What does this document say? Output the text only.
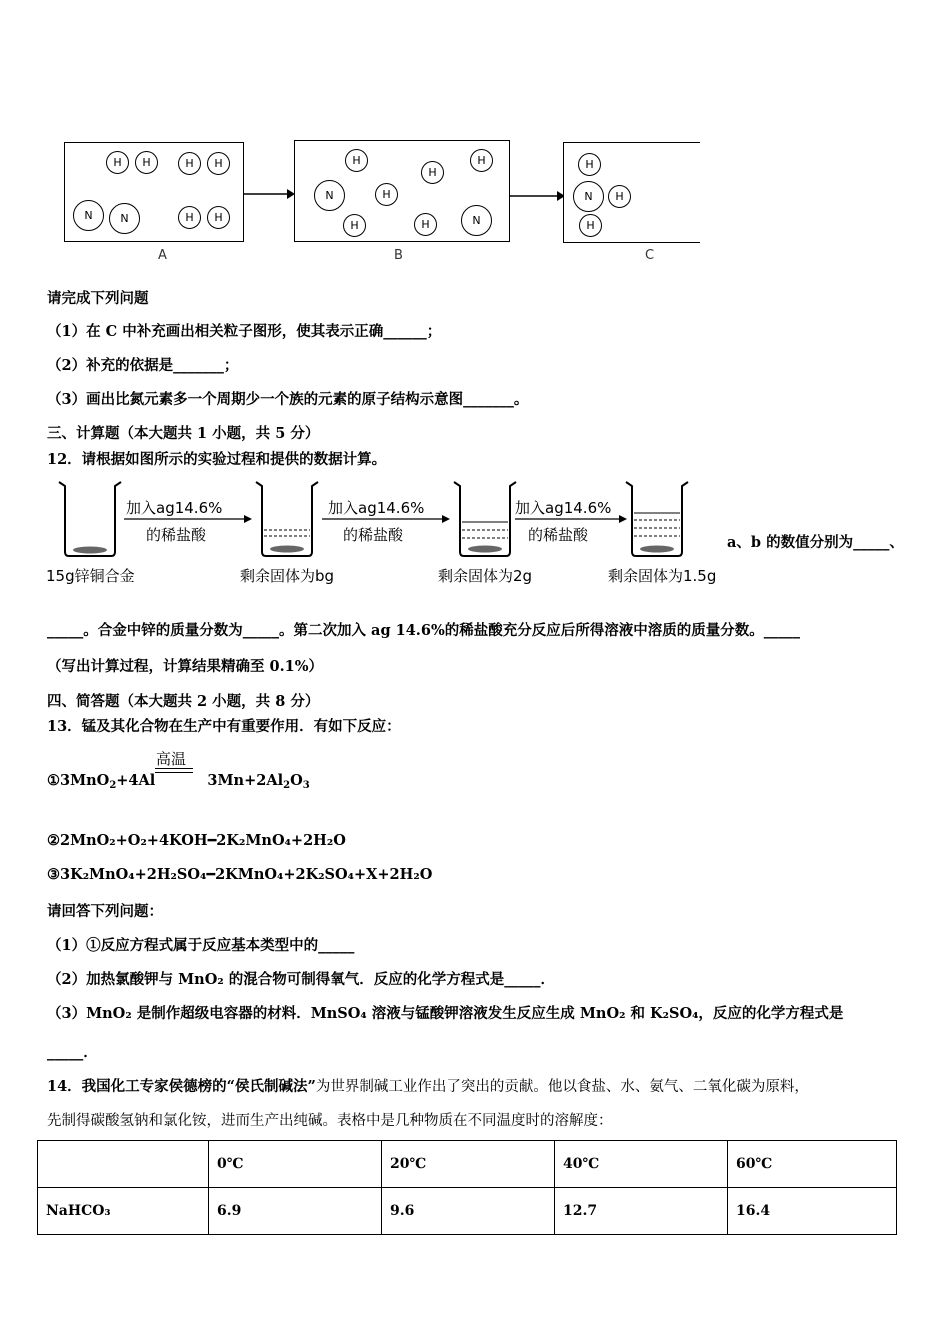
H	H	H	H
N	N	H	H
H
H
H
N	H
H	H	N
H
N	H
H
A	B	C
请完成下列问题
（1）在 C 中补充画出相关粒子图形，使其表示正确______；
（2）补充的依据是_______；
（3）画出比氮元素多一个周期少一个族的元素的原子结构示意图_______。
三、计算题（本大题共 1 小题，共 5 分）
12．请根据如图所示的实验过程和提供的数据计算。
加入ag14.6%
的稀盐酸
加入ag14.6%
的稀盐酸
加入ag14.6%
的稀盐酸	a、b 的数值分别为_____、
15g锌铜合金	剩余固体为bg	剩余固体为2g	剩余固体为1.5g
_____。合金中锌的质量分数为_____。第二次加入 ag 14.6%的稀盐酸充分反应后所得溶液中溶质的质量分数。_____
（写出计算过程，计算结果精确至 0.1%）
四、简答题（本大题共 2 小题，共 8 分）
13．锰及其化合物在生产中有重要作用．有如下反应：
高温
①3MnO$_2$+4Al	$3Mn+2Al_2O_3$
②2MnO₂+O₂+4KOH━2K₂MnO₄+2H₂O
③3K₂MnO₄+2H₂SO₄━2KMnO₄+2K₂SO₄+X+2H₂O
请回答下列问题：
（1）①反应方程式属于反应基本类型中的_____
（2）加热氯酸钾与 MnO₂ 的混合物可制得氧气．反应的化学方程式是_____．
（3）MnO₂ 是制作超级电容器的材料．MnSO₄ 溶液与锰酸钾溶液发生反应生成 MnO₂ 和 K₂SO₄，反应的化学方程式是
_____．
14．我国化工专家侯德榜的“侯氏制碱法”为世界制碱工业作出了突出的贡献。他以食盐、水、氨气、二氧化碳为原料，
先制得碳酸氢钠和氯化铵，进而生产出纯碱。表格中是几种物质在不同温度时的溶解度：
	0℃	20℃	40℃	60℃
NaHCO₃	6.9	9.6	12.7	16.4
